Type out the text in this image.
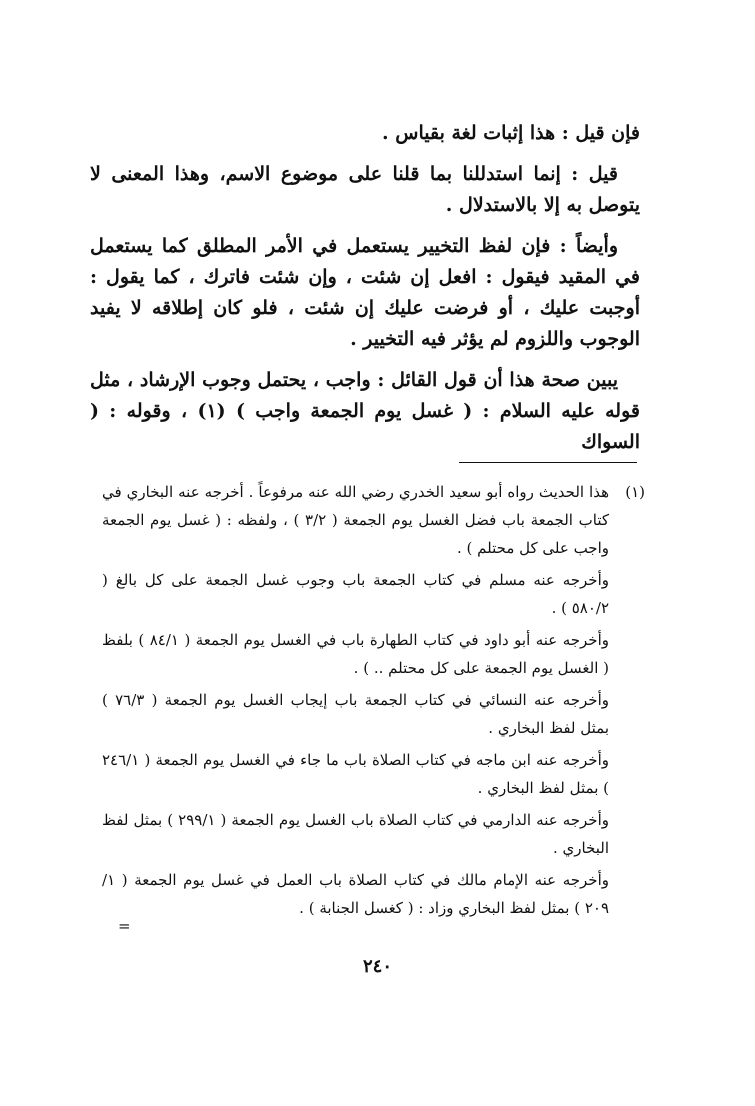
فإن قيل : هذا إثبات لغة بقياس .

قيل : إنما استدللنا بما قلنا على موضوع الاسم، وهذا المعنى لا يتوصل به إلا بالاستدلال .

وأيضاً : فإن لفظ التخيير يستعمل في الأمر المطلق كما يستعمل في المقيد فيقول : افعل إن شئت ، وإن شئت فاترك ، كما يقول : أوجبت عليك ، أو فرضت عليك إن شئت ، فلو كان إطلاقه لا يفيد الوجوب واللزوم لم يؤثر فيه التخيير .

يبين صحة هذا أن قول القائل : واجب ، يحتمل وجوب الإرشاد ، مثل قوله عليه السلام : ( غسل يوم الجمعة واجب ) (١) ، وقوله : ( السواك

(١)

هذا الحديث رواه أبو سعيد الخدري رضي الله عنه مرفوعاً . أخرجه عنه البخاري في كتاب الجمعة باب فضل الغسل يوم الجمعة ( ٣/٢ ) ، ولفظه : ( غسل يوم الجمعة واجب على كل محتلم ) .

وأخرجه عنه مسلم في كتاب الجمعة باب وجوب غسل الجمعة على كل بالغ ( ٥٨٠/٢ ) .

وأخرجه عنه أبو داود في كتاب الطهارة باب في الغسل يوم الجمعة ( ٨٤/١ ) بلفظ ( الغسل يوم الجمعة على كل محتلم .. ) .

وأخرجه عنه النسائي في كتاب الجمعة باب إيجاب الغسل يوم الجمعة ( ٧٦/٣ ) بمثل لفظ البخاري .

وأخرجه عنه ابن ماجه في كتاب الصلاة باب ما جاء في الغسل يوم الجمعة ( ٢٤٦/١ ) بمثل لفظ البخاري .

وأخرجه عنه الدارمي في كتاب الصلاة باب الغسل يوم الجمعة ( ٢٩٩/١ ) بمثل لفظ البخاري .

وأخرجه عنه الإمام مالك في كتاب الصلاة باب العمل في غسل يوم الجمعة ( ١/ ٢٠٩ ) بمثل لفظ البخاري وزاد : ( كغسل الجنابة ) .

=
٢٤٠
